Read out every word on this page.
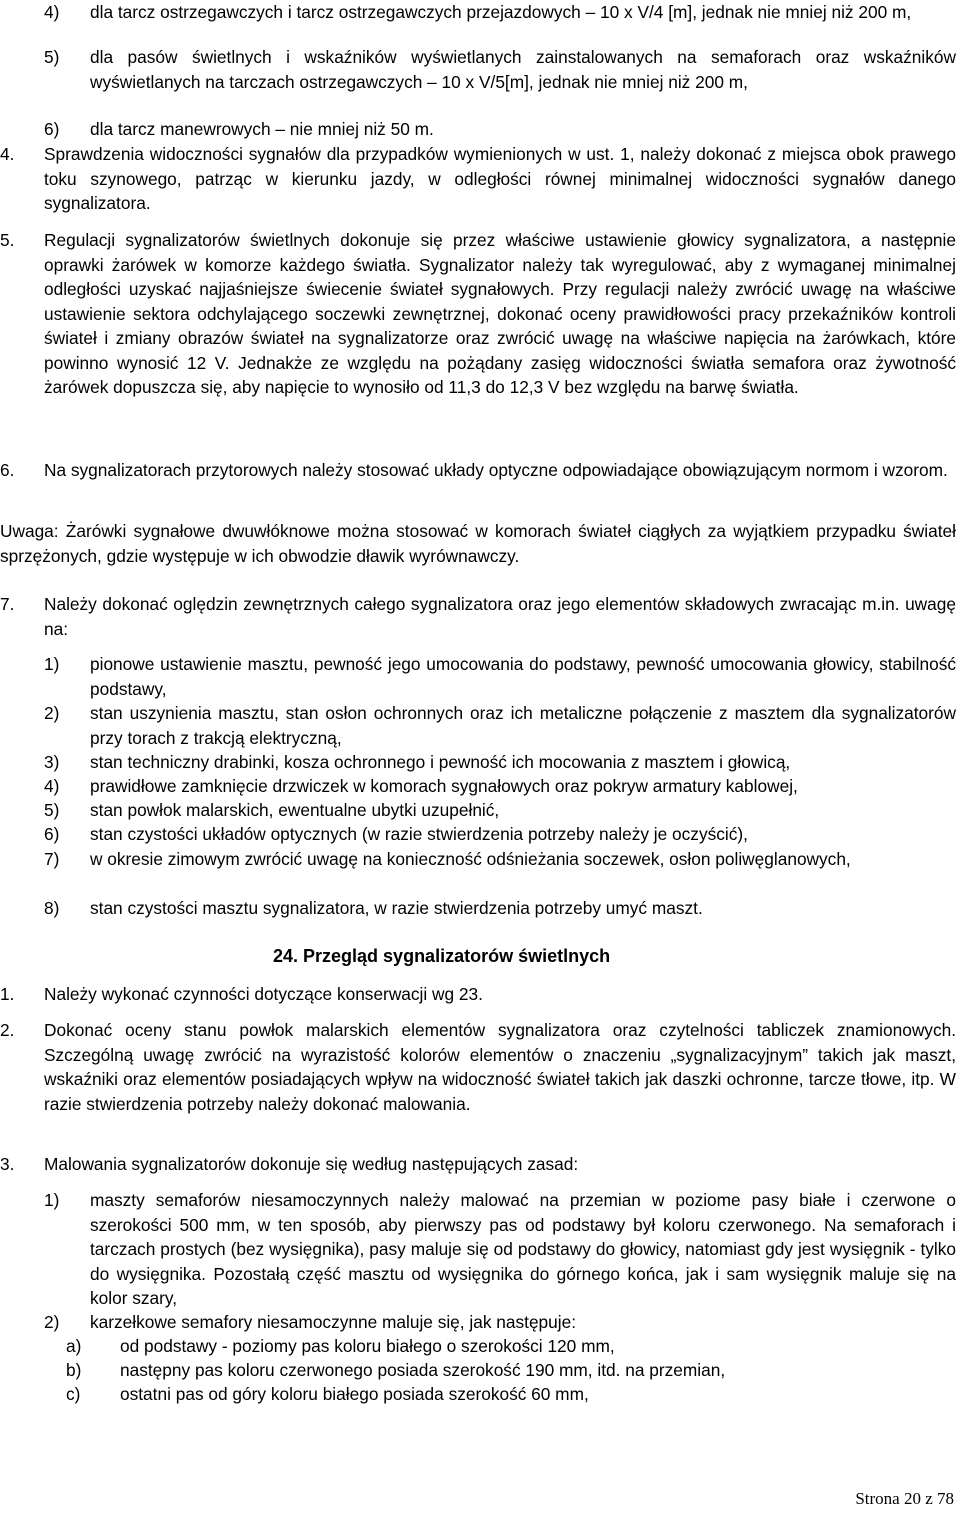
4)	dla tarcz ostrzegawczych i tarcz ostrzegawczych przejazdowych – 10 x V/4 [m], jednak nie mniej niż 200 m,
5)	dla pasów świetlnych i wskaźników wyświetlanych zainstalowanych na semaforach oraz wskaźników wyświetlanych na tarczach ostrzegawczych – 10 x V/5[m], jednak nie mniej niż 200 m,
6)	dla tarcz manewrowych – nie mniej niż 50 m.
4.	Sprawdzenia widoczności sygnałów dla przypadków wymienionych w ust. 1, należy dokonać z miejsca obok prawego toku szynowego, patrząc w kierunku jazdy, w odległości równej minimalnej widoczności sygnałów danego sygnalizatora.
5.	Regulacji sygnalizatorów świetlnych dokonuje się przez właściwe ustawienie głowicy sygnalizatora, a następnie oprawki żarówek w komorze każdego światła. Sygnalizator należy tak wyregulować, aby z wymaganej minimalnej odległości uzyskać najjaśniejsze świecenie świateł sygnałowych. Przy regulacji należy zwrócić uwagę na właściwe ustawienie sektora odchylającego soczewki zewnętrznej, dokonać oceny prawidłowości pracy przekaźników kontroli świateł i zmiany obrazów świateł na sygnalizatorze oraz zwrócić uwagę na właściwe napięcia na żarówkach, które powinno wynosić 12 V. Jednakże ze względu na pożądany zasięg widoczności światła semafora oraz żywotność żarówek dopuszcza się, aby napięcie to wynosiło od 11,3 do 12,3 V bez względu na barwę światła.
6.	Na sygnalizatorach przytorowych należy stosować układy optyczne odpowiadające obowiązującym normom i wzorom.
Uwaga: Żarówki sygnałowe dwuwłóknowe można stosować w komorach świateł ciągłych za wyjątkiem przypadku świateł sprzężonych, gdzie występuje w ich obwodzie dławik wyrównawczy.
7.	Należy dokonać oględzin zewnętrznych całego sygnalizatora oraz jego elementów składowych zwracając m.in. uwagę na:
1)	pionowe ustawienie masztu, pewność jego umocowania do podstawy, pewność umocowania głowicy, stabilność podstawy,
2)	stan uszynienia masztu, stan osłon ochronnych oraz ich metaliczne połączenie z masztem dla sygnalizatorów przy torach z trakcją elektryczną,
3)	stan techniczny drabinki, kosza ochronnego i pewność ich mocowania z masztem i głowicą,
4)	prawidłowe zamknięcie drzwiczek w komorach sygnałowych oraz pokryw armatury kablowej,
5)	stan powłok malarskich, ewentualne ubytki uzupełnić,
6)	stan czystości układów optycznych (w razie stwierdzenia potrzeby należy je oczyścić),
7)	w okresie zimowym zwrócić uwagę na konieczność odśnieżania soczewek, osłon poliwęglanowych,
8)	stan czystości masztu sygnalizatora, w razie stwierdzenia potrzeby umyć maszt.
24. Przegląd sygnalizatorów świetlnych
1.	Należy wykonać czynności dotyczące konserwacji wg 23.
2.	Dokonać oceny stanu powłok malarskich elementów sygnalizatora oraz czytelności tabliczek znamionowych. Szczególną uwagę zwrócić na wyrazistość kolorów elementów o znaczeniu „sygnalizacyjnym” takich jak maszt, wskaźniki oraz elementów posiadających wpływ na widoczność świateł takich jak daszki ochronne, tarcze tłowe, itp. W razie stwierdzenia potrzeby należy dokonać malowania.
3.	Malowania sygnalizatorów dokonuje się według następujących zasad:
1)	maszty semaforów niesamoczynnych należy malować na przemian w poziome pasy białe i czerwone o szerokości 500 mm, w ten sposób, aby pierwszy pas od podstawy był koloru czerwonego. Na semaforach i tarczach prostych (bez wysięgnika), pasy maluje się od podstawy do głowicy, natomiast gdy jest wysięgnik - tylko do wysięgnika. Pozostałą część masztu od wysięgnika do górnego końca, jak i sam wysięgnik maluje się na kolor szary,
2)	karzełkowe semafory niesamoczynne maluje się, jak następuje:
a)	od podstawy - poziomy pas koloru białego o szerokości 120 mm,
b)	następny pas koloru czerwonego posiada szerokość 190 mm, itd. na przemian,
c)	ostatni pas od góry koloru białego posiada szerokość 60 mm,
Strona 20 z 78
